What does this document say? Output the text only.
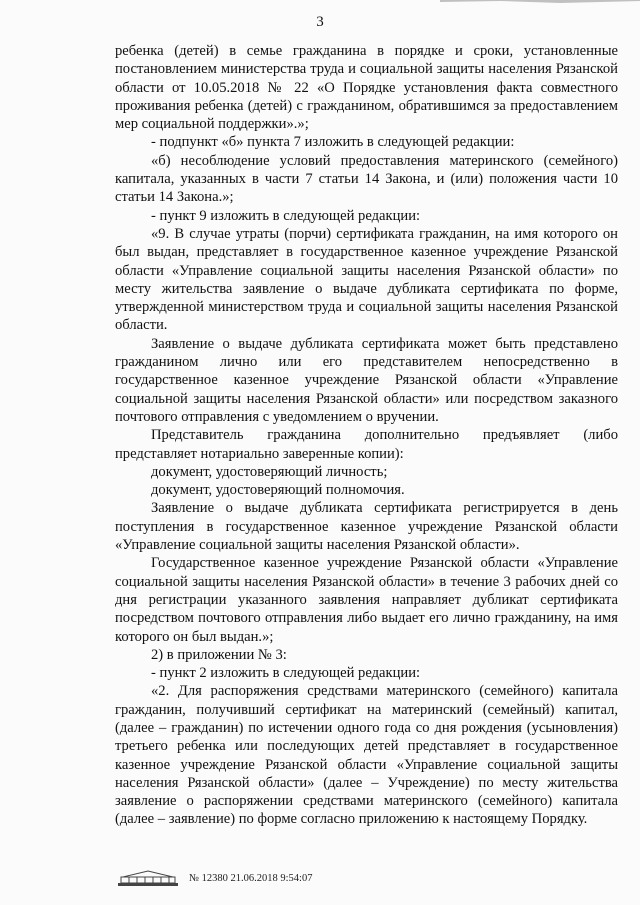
3

ребенка (детей) в семье гражданина в порядке и сроки, установленные постановлением министерства труда и социальной защиты населения Рязанской области от 10.05.2018 № 22 «О Порядке установления факта совместного проживания ребенка (детей) с гражданином, обратившимся за предоставлением мер социальной поддержки».»;

- подпункт «б» пункта 7 изложить в следующей редакции:

«б) несоблюдение условий предоставления материнского (семейного) капитала, указанных в части 7 статьи 14 Закона, и (или) положения части 10 статьи 14 Закона.»;

- пункт 9 изложить в следующей редакции:

«9. В случае утраты (порчи) сертификата гражданин, на имя которого он был выдан, представляет в государственное казенное учреждение Рязанской области «Управление социальной защиты населения Рязанской области» по месту жительства заявление о выдаче дубликата сертификата по форме, утвержденной министерством труда и социальной защиты населения Рязанской области.

Заявление о выдаче дубликата сертификата может быть представлено гражданином лично или его представителем непосредственно в государственное казенное учреждение Рязанской области «Управление социальной защиты населения Рязанской области» или посредством заказного почтового отправления с уведомлением о вручении.

Представитель гражданина дополнительно предъявляет (либо представляет нотариально заверенные копии):

документ, удостоверяющий личность;

документ, удостоверяющий полномочия.

Заявление о выдаче дубликата сертификата регистрируется в день поступления в государственное казенное учреждение Рязанской области «Управление социальной защиты населения Рязанской области».

Государственное казенное учреждение Рязанской области «Управление социальной защиты населения Рязанской области» в течение 3 рабочих дней со дня регистрации указанного заявления направляет дубликат сертификата посредством почтового отправления либо выдает его лично гражданину, на имя которого он был выдан.»;

2) в приложении № 3:

- пункт 2 изложить в следующей редакции:

«2. Для распоряжения средствами материнского (семейного) капитала гражданин, получивший сертификат на материнский (семейный) капитал, (далее – гражданин) по истечении одного года со дня рождения (усыновления) третьего ребенка или последующих детей представляет в государственное казенное учреждение Рязанской области «Управление социальной защиты населения Рязанской области» (далее – Учреждение) по месту жительства заявление о распоряжении средствами материнского (семейного) капитала (далее – заявление) по форме согласно приложению к настоящему Порядку.

№ 12380 21.06.2018 9:54:07
